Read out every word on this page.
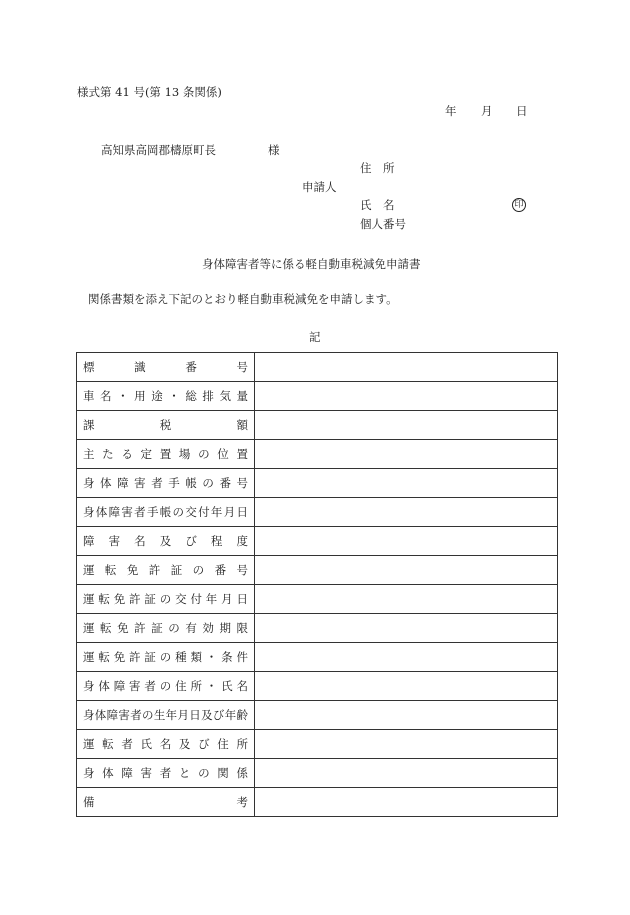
様式第 41 号(第 13 条関係)
年 月 日
高知県高岡郡檮原町長	様
住　所
申請人
氏　名	印
個人番号
身体障害者等に係る軽自動車税減免申請書
関係書類を添え下記のとおり軽自動車税減免を申請します。
記
標識番号	
車名・用途・総排気量	
課税額	
主たる定置場の位置	
身体障害者手帳の番号	
身体障害者手帳の交付年月日	
障害名及び程度	
運転免許証の番号	
運転免許証の交付年月日	
運転免許証の有効期限	
運転免許証の種類・条件	
身体障害者の住所・氏名	
身体障害者の生年月日及び年齢	
運転者氏名及び住所	
身体障害者との関係	
備考	
